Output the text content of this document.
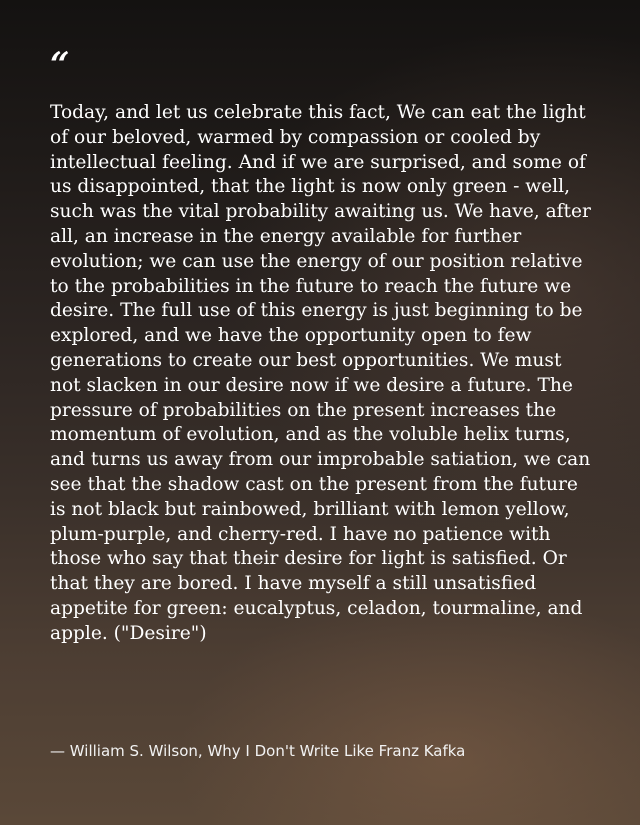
“

Today, and let us celebrate this fact, We can eat the light of our beloved, warmed by compassion or cooled by intellectual feeling. And if we are surprised, and some of us disappointed, that the light is now only green - well, such was the vital probability awaiting us. We have, after all, an increase in the energy available for further evolution; we can use the energy of our position relative to the probabilities in the future to reach the future we desire. The full use of this energy is just beginning to be explored, and we have the opportunity open to few generations to create our best opportunities. We must not slacken in our desire now if we desire a future. The pressure of probabilities on the present increases the momentum of evolution, and as the voluble helix turns, and turns us away from our improbable satiation, we can see that the shadow cast on the present from the future is not black but rainbowed, brilliant with lemon yellow, plum-purple, and cherry-red. I have no patience with those who say that their desire for light is satisfied. Or that they are bored. I have myself a still unsatisfied appetite for green: eucalyptus, celadon, tourmaline, and apple. ("Desire")

— William S. Wilson, Why I Don't Write Like Franz Kafka
